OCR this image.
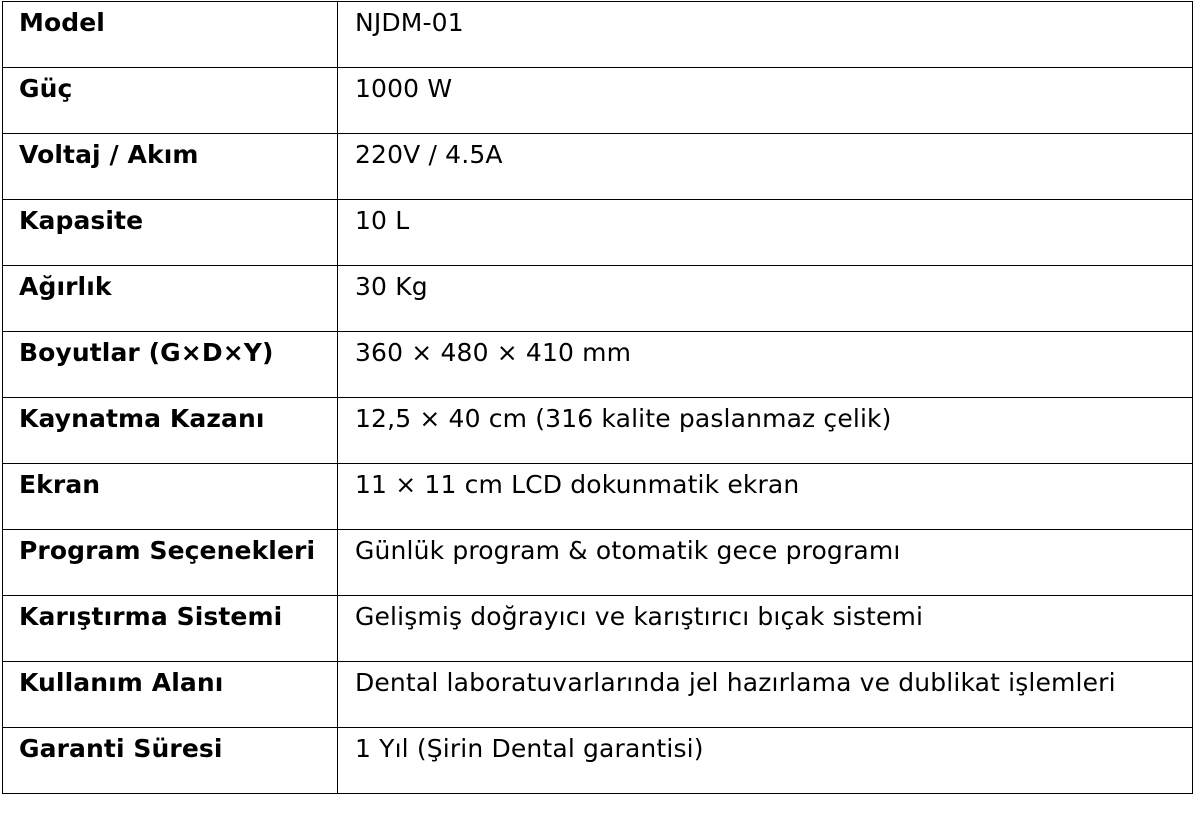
Model	NJDM-01
Güç	1000 W
Voltaj / Akım	220V / 4.5A
Kapasite	10 L
Ağırlık	30 Kg
Boyutlar (G×D×Y)	360 × 480 × 410 mm
Kaynatma Kazanı	12,5 × 40 cm (316 kalite paslanmaz çelik)
Ekran	11 × 11 cm LCD dokunmatik ekran
Program Seçenekleri	Günlük program & otomatik gece programı
Karıştırma Sistemi	Gelişmiş doğrayıcı ve karıştırıcı bıçak sistemi
Kullanım Alanı	Dental laboratuvarlarında jel hazırlama ve dublikat işlemleri
Garanti Süresi	1 Yıl (Şirin Dental garantisi)
